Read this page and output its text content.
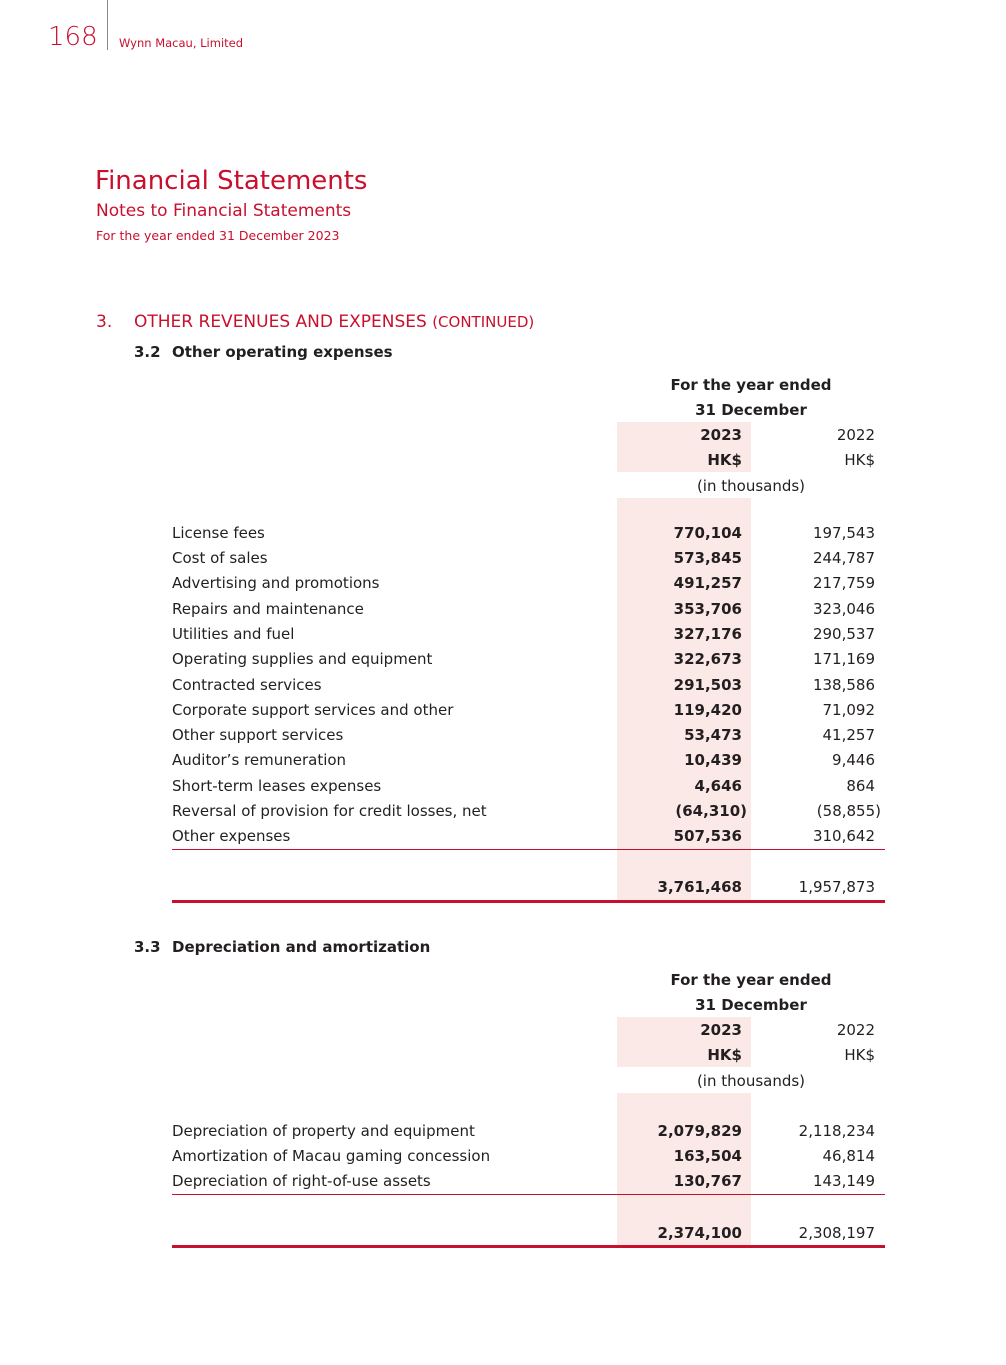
168 Wynn Macau, Limited
Financial Statements
Notes to Financial Statements
For the year ended 31 December 2023
3. OTHER REVENUES AND EXPENSES (CONTINUED)
3.2 Other operating expenses
For the year ended
31 December
2023	2022
HK$	HK$
(in thousands)
License fees	770,104	197,543
Cost of sales	573,845	244,787
Advertising and promotions	491,257	217,759
Repairs and maintenance	353,706	323,046
Utilities and fuel	327,176	290,537
Operating supplies and equipment	322,673	171,169
Contracted services	291,503	138,586
Corporate support services and other	119,420	71,092
Other support services	53,473	41,257
Auditor’s remuneration	10,439	9,446
Short-term leases expenses	4,646	864
Reversal of provision for credit losses, net	(64,310)	(58,855)
Other expenses	507,536	310,642
3,761,468	1,957,873
3.3 Depreciation and amortization
For the year ended
31 December
2023	2022
HK$	HK$
(in thousands)
Depreciation of property and equipment	2,079,829	2,118,234
Amortization of Macau gaming concession	163,504	46,814
Depreciation of right-of-use assets	130,767	143,149
2,374,100	2,308,197
